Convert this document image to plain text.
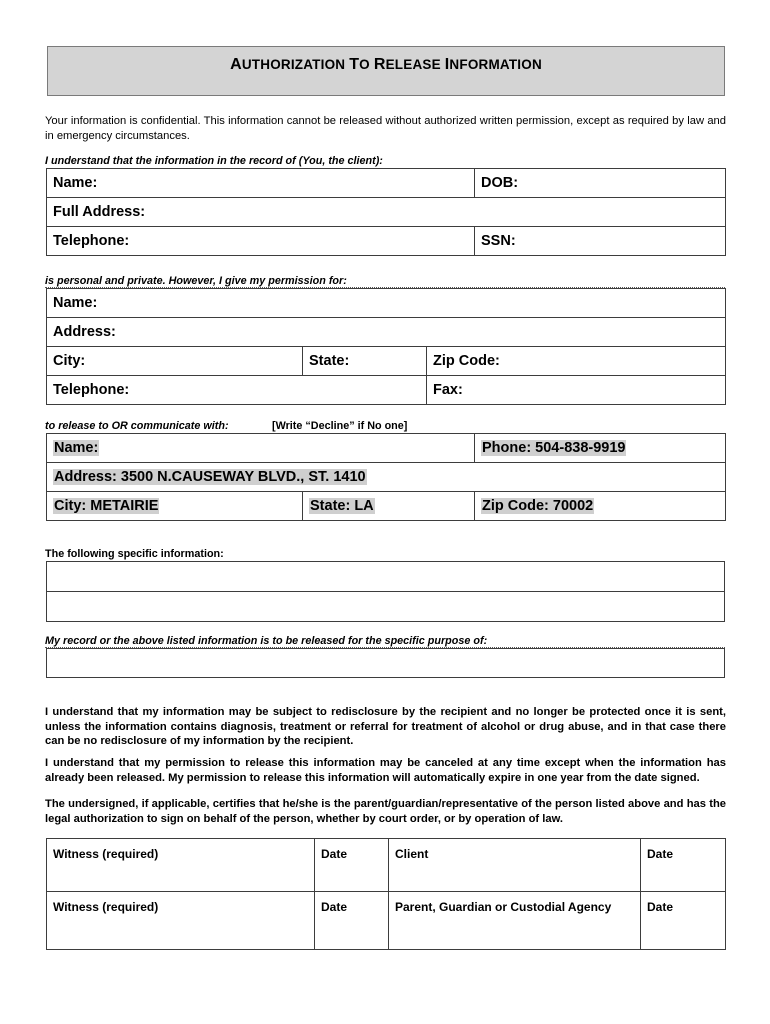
AUTHORIZATION TO RELEASE INFORMATION
Your information is confidential. This information cannot be released without authorized written permission, except as required by law and in emergency circumstances.
I understand that the information in the record of (You, the client):
Name:	DOB:
Full Address:	
Telephone:	SSN:
is personal and private. However, I give my permission for:
Name:		
Address:		
City:	State:	Zip Code:
Telephone:		Fax:
to release to OR communicate with:	[Write “Decline” if No one]
Name:		Phone: 504-838-9919
Address: 3500 N.CAUSEWAY BLVD., ST. 1410		
City: METAIRIE	State: LA	Zip Code: 70002
The following specific information:

My record or the above listed information is to be released for the specific purpose of:
I understand that my information may be subject to redisclosure by the recipient and no longer be protected once it is sent, unless the information contains diagnosis, treatment or referral for treatment of alcohol or drug abuse, and in that case there can be no redisclosure of my information by the recipient.
I understand that my permission to release this information may be canceled at any time except when the information has already been released. My permission to release this information will automatically expire in one year from the date signed.
The undersigned, if applicable, certifies that he/she is the parent/guardian/representative of the person listed above and has the legal authorization to sign on behalf of the person, whether by court order, or by operation of law.
Witness (required)	Date	Client	Date
Witness (required)	Date	Parent, Guardian or Custodial Agency	Date
